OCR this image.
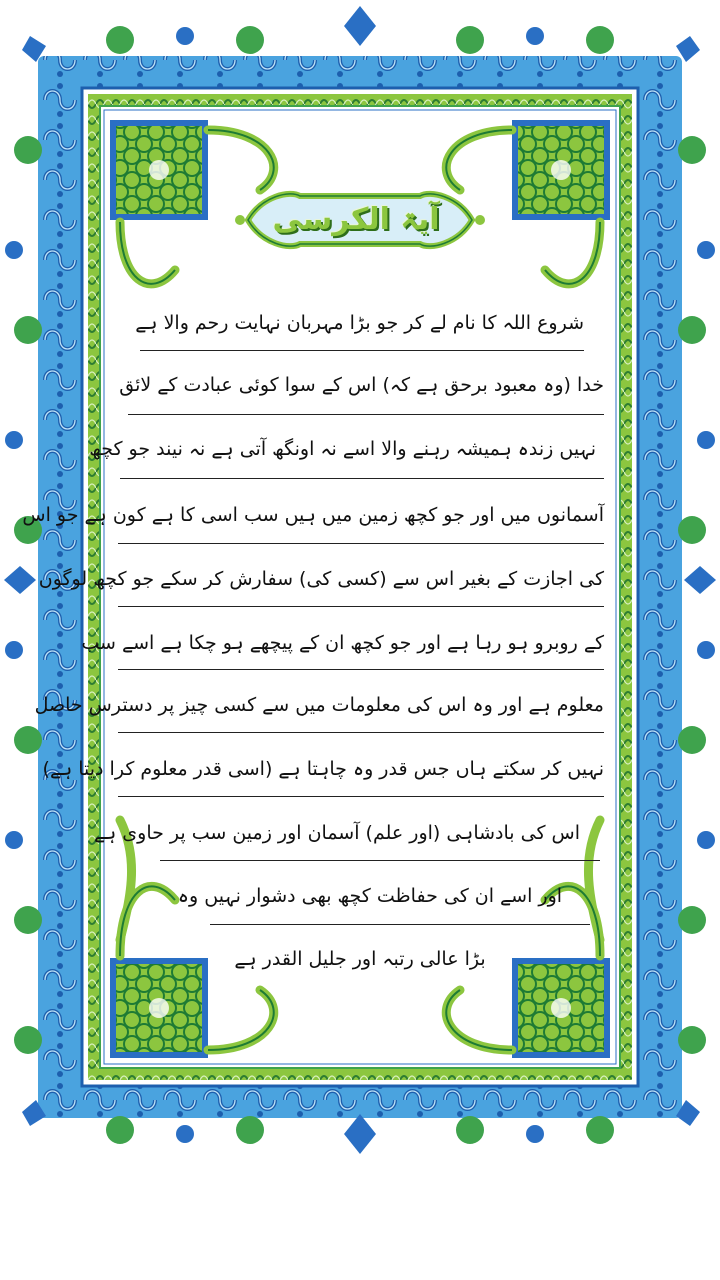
آیۃ الکرسی
شروع اللہ کا نام لے کر جو بڑا مہربان نہایت رحم والا ہے
خدا (وہ معبود برحق ہے کہ) اس کے سوا کوئی عبادت کے لائق
نہیں زندہ ہمیشہ رہنے والا اسے نہ اونگھ آتی ہے نہ نیند جو کچھ
آسمانوں میں اور جو کچھ زمین میں ہیں سب اسی کا ہے کون ہے جو اس
کی اجازت کے بغیر اس سے (کسی کی) سفارش کر سکے جو کچھ لوگوں
کے روبرو ہو رہا ہے اور جو کچھ ان کے پیچھے ہو چکا ہے اسے سب
معلوم ہے اور وہ اس کی معلومات میں سے کسی چیز پر دسترس حاصل
نہیں کر سکتے ہاں جس قدر وہ چاہتا ہے (اسی قدر معلوم کرا دیتا ہے)
اس کی بادشاہی (اور علم) آسمان اور زمین سب پر حاوی ہے
اور اسے ان کی حفاظت کچھ بھی دشوار نہیں وہ
بڑا عالی رتبہ اور جلیل القدر ہے
